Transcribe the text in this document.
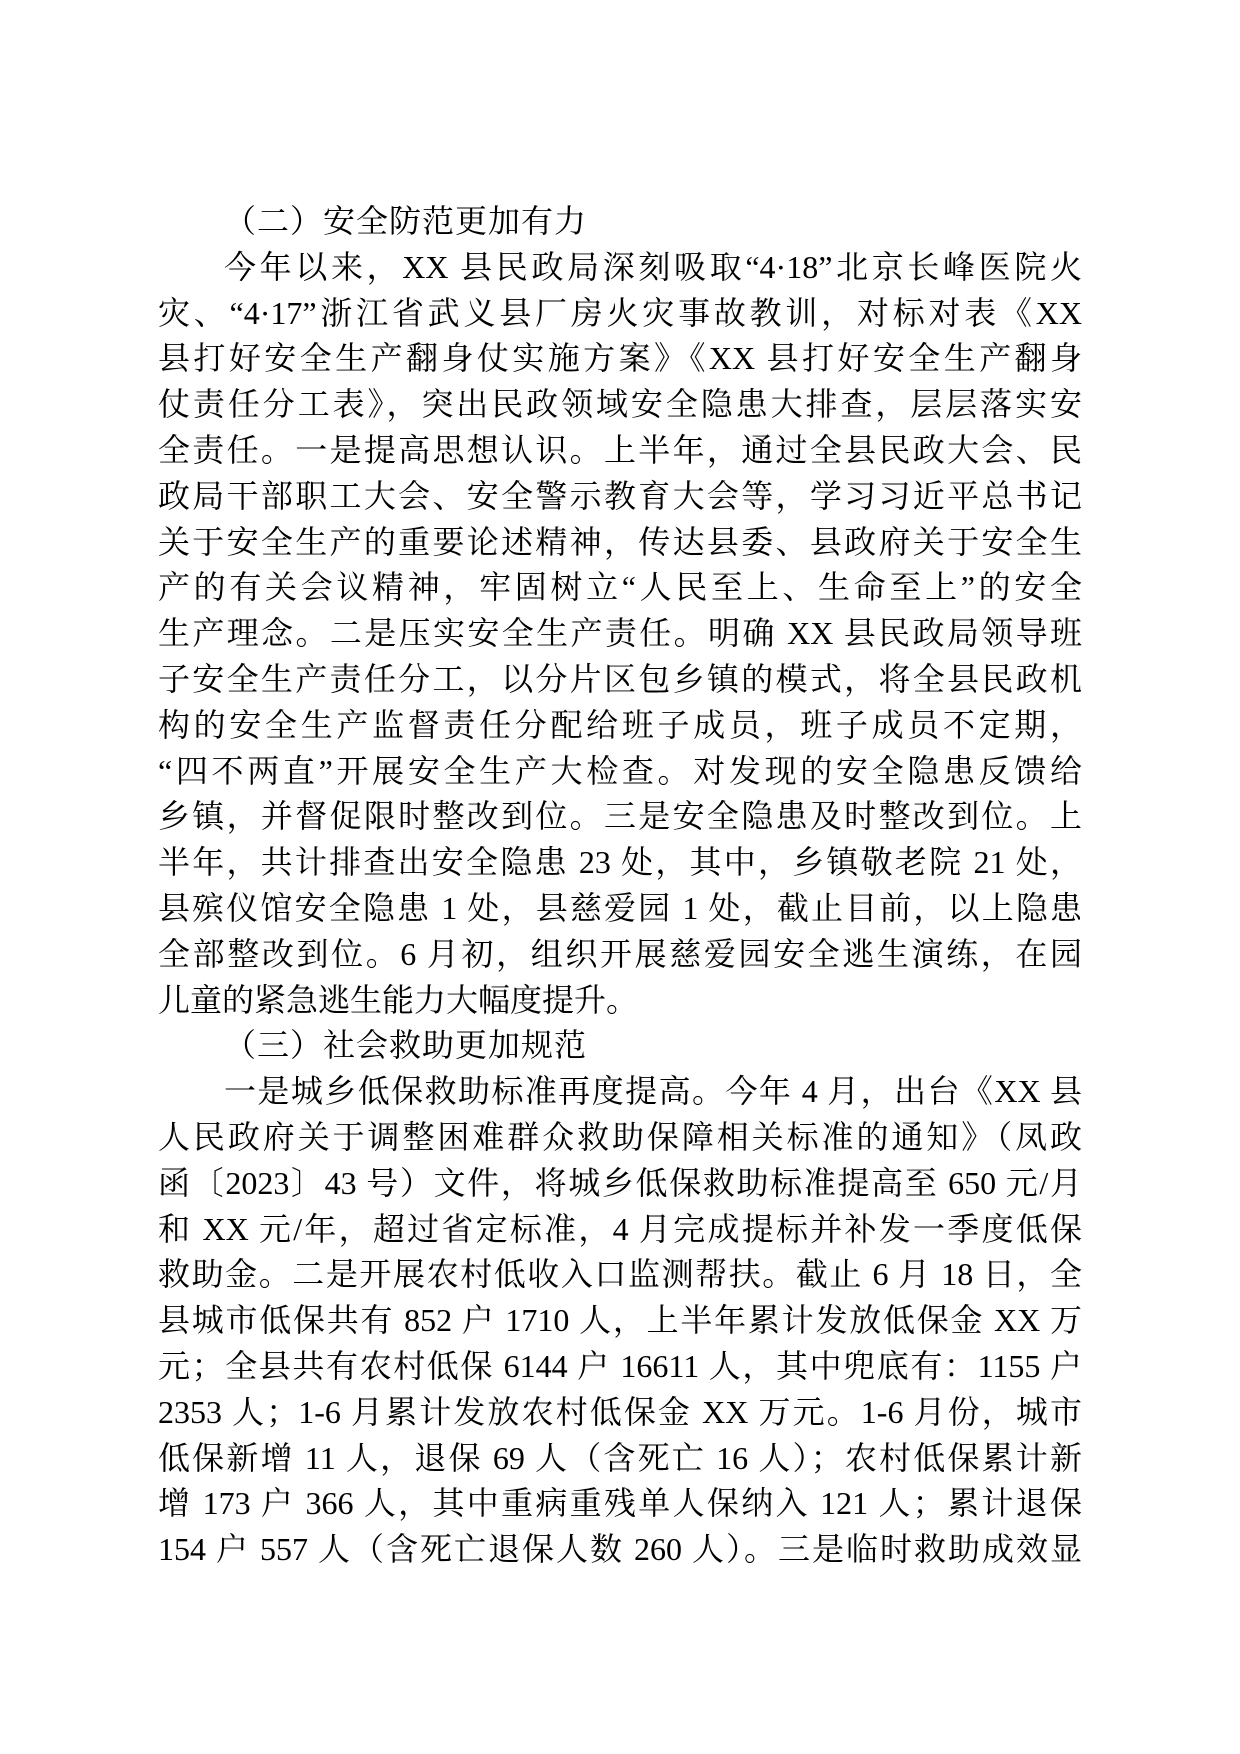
（二）安全防范更加有力
今年以来，XX 县民政局深刻吸取“4·18”北京长峰医院火
灾、“4·17”浙江省武义县厂房火灾事故教训，对标对表《XX
县打好安全生产翻身仗实施方案》《XX 县打好安全生产翻身
仗责任分工表》，突出民政领域安全隐患大排查，层层落实安
全责任。一是提高思想认识。上半年，通过全县民政大会、民
政局干部职工大会、安全警示教育大会等，学习习近平总书记
关于安全生产的重要论述精神，传达县委、县政府关于安全生
产的有关会议精神，牢固树立“人民至上、生命至上”的安全
生产理念。二是压实安全生产责任。明确 XX 县民政局领导班
子安全生产责任分工，以分片区包乡镇的模式，将全县民政机
构的安全生产监督责任分配给班子成员，班子成员不定期，
“四不两直”开展安全生产大检查。对发现的安全隐患反馈给
乡镇，并督促限时整改到位。三是安全隐患及时整改到位。上
半年，共计排查出安全隐患 23 处，其中，乡镇敬老院 21 处，
县殡仪馆安全隐患 1 处，县慈爱园 1 处，截止目前，以上隐患
全部整改到位。6 月初，组织开展慈爱园安全逃生演练，在园
儿童的紧急逃生能力大幅度提升。
（三）社会救助更加规范
一是城乡低保救助标准再度提高。今年 4 月，出台《XX 县
人民政府关于调整困难群众救助保障相关标准的通知》（凤政
函〔2023〕43 号）文件，将城乡低保救助标准提高至 650 元/月
和 XX 元/年，超过省定标准，4 月完成提标并补发一季度低保
救助金。二是开展农村低收入口监测帮扶。截止 6 月 18 日，全
县城市低保共有 852 户 1710 人，上半年累计发放低保金 XX 万
元；全县共有农村低保 6144 户 16611 人，其中兜底有：1155 户
2353 人；1-6 月累计发放农村低保金 XX 万元。1-6 月份，城市
低保新增 11 人，退保 69 人（含死亡 16 人）；农村低保累计新
增 173 户 366 人，其中重病重残单人保纳入 121 人；累计退保
154 户 557 人（含死亡退保人数 260 人）。三是临时救助成效显
